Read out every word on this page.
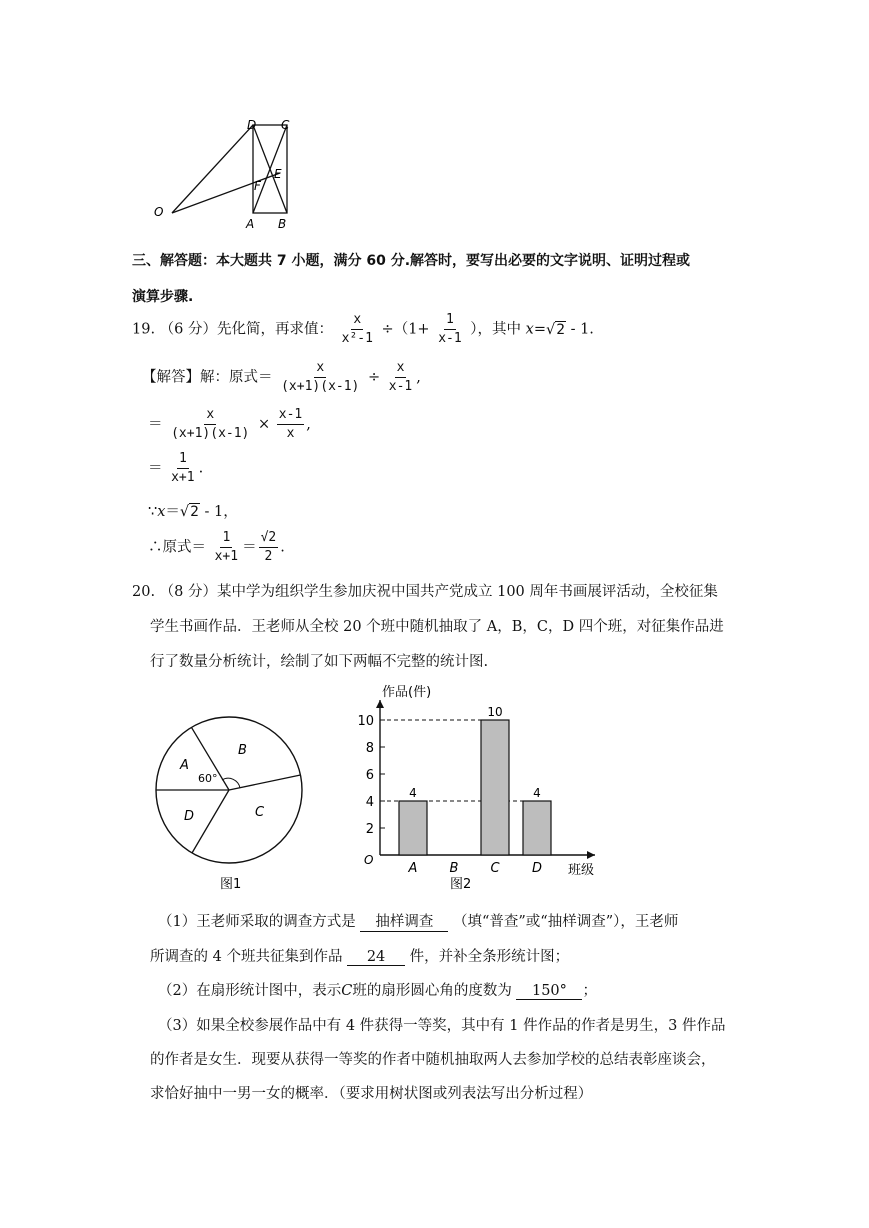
D C
E
F
O
A B
三、解答题：本大题共 7 小题，满分 60 分.解答时，要写出必要的文字说明、证明过程或
演算步骤.
19. （6 分）先化简，再求值： $\frac{x}{\text{x²-1}} \div(1+ \frac{1}{x-1}$ ），其中 x=√2 - 1.
【解答】解：原式＝ $\frac{x}{(x+1)(x-1)} \div \frac{x}{x-1}$ ,
＝ $\frac{x}{(x+1)(x-1)} \times \frac{x-1}{x}$ ,
＝ $\frac{1}{x+1}$ .
∵x＝√2 - 1，
∴原式＝ $\frac{1}{x+1} = \frac{√2}{2}$ .
20. （8 分）某中学为组织学生参加庆祝中国共产党成立 100 周年书画展评活动，全校征集
学生书画作品．王老师从全校 20 个班中随机抽取了 A，B，C，D 四个班，对征集作品进
行了数量分析统计，绘制了如下两幅不完整的统计图.
60°
A
B
C
D
图1
作品(件)
班级
O
图2
2
4
6
8
10
A
4
B C
10
D
4
（1）王老师采取的调查方式是 抽样调查 （填“普查”或“抽样调查”），王老师
所调查的 4 个班共征集到作品 24 件，并补全条形统计图；
（2）在扇形统计图中，表示C班的扇形圆心角的度数为 150° ；
（3）如果全校参展作品中有 4 件获得一等奖，其中有 1 件作品的作者是男生，3 件作品
的作者是女生．现要从获得一等奖的作者中随机抽取两人去参加学校的总结表彰座谈会，
求恰好抽中一男一女的概率．（要求用树状图或列表法写出分析过程）
